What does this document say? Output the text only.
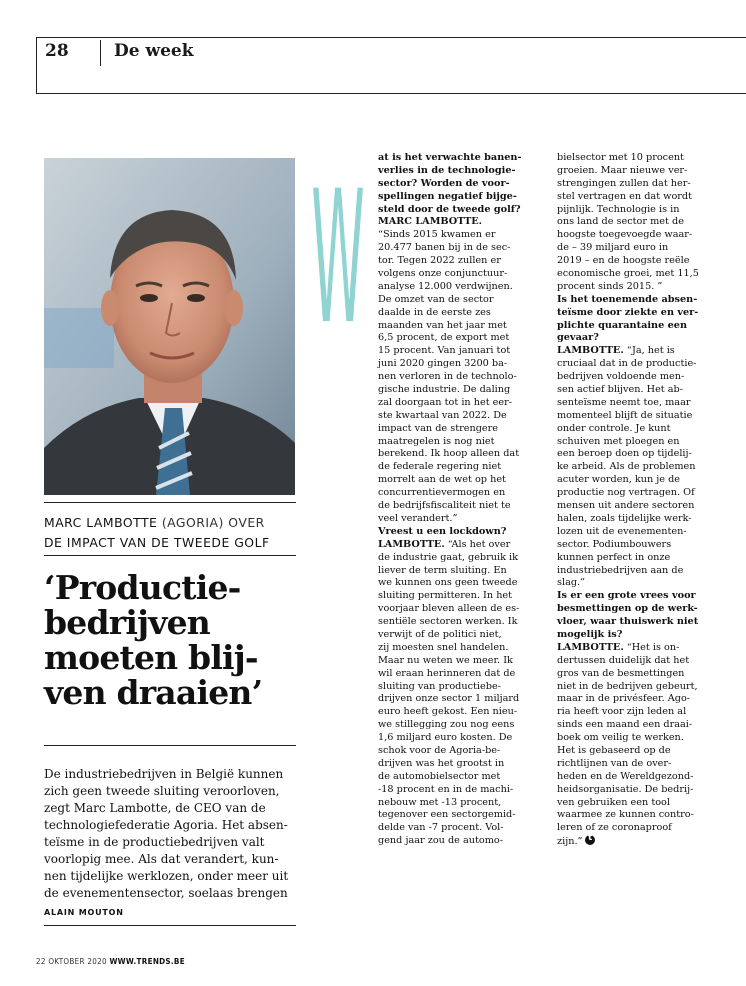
28	De week
MARC LAMBOTTE (AGORIA) OVER
DE IMPACT VAN DE TWEEDE GOLF
‘Productie-
bedrijven
moeten blij-
ven draaien’
De industriebedrijven in België kunnen
zich geen tweede sluiting veroorloven,
zegt Marc Lambotte, de CEO van de
technologiefederatie Agoria. Het absen-
teïsme in de productiebedrijven valt
voorlopig mee. Als dat verandert, kun-
nen tijdelijke werklozen, onder meer uit
de evenementensector, soelaas brengen
ALAIN MOUTON
W at is het verwachte banen-
verlies in de technologie-
sector? Worden de voor-
spellingen negatief bijge-
steld door de tweede golf?
MARC LAMBOTTE.
“Sinds 2015 kwamen er
20.477 banen bij in de sec-
tor. Tegen 2022 zullen er
volgens onze conjunctuur-
analyse 12.000 verdwijnen.
De omzet van de sector
daalde in de eerste zes
maanden van het jaar met
6,5 procent, de export met
15 procent. Van januari tot
juni 2020 gingen 3200 ba-
nen verloren in de technolo-
gische industrie. De daling
zal doorgaan tot in het eer-
ste kwartaal van 2022. De
impact van de strengere
maatregelen is nog niet
berekend. Ik hoop alleen dat
de federale regering niet
morrelt aan de wet op het
concurrentievermogen en
de bedrijfsfiscaliteit niet te
veel verandert.”
Vreest u een lockdown?
LAMBOTTE. “Als het over
de industrie gaat, gebruik ik
liever de term sluiting. En
we kunnen ons geen tweede
sluiting permitteren. In het
voorjaar bleven alleen de es-
sentiële sectoren werken. Ik
verwijt of de politici niet,
zij moesten snel handelen.
Maar nu weten we meer. Ik
wil eraan herinneren dat de
sluiting van productiebe-
drijven onze sector 1 miljard
euro heeft gekost. Een nieu-
we stillegging zou nog eens
1,6 miljard euro kosten. De
schok voor de Agoria-be-
drijven was het grootst in
de automobielsector met
-18 procent en in de machi-
nebouw met -13 procent,
tegenover een sectorgemid-
delde van -7 procent. Vol-
gend jaar zou de automo-
bielsector met 10 procent
groeien. Maar nieuwe ver-
strengingen zullen dat her-
stel vertragen en dat wordt
pijnlijk. Technologie is in
ons land de sector met de
hoogste toegevoegde waar-
de – 39 miljard euro in
2019 – en de hoogste reële
economische groei, met 11,5
procent sinds 2015. ”
Is het toenemende absen-
teïsme door ziekte en ver-
plichte quarantaine een
gevaar?
LAMBOTTE. “Ja, het is
cruciaal dat in de productie-
bedrijven voldoende men-
sen actief blijven. Het ab-
senteïsme neemt toe, maar
momenteel blijft de situatie
onder controle. Je kunt
schuiven met ploegen en
een beroep doen op tijdelij-
ke arbeid. Als de problemen
acuter worden, kun je de
productie nog vertragen. Of
mensen uit andere sectoren
halen, zoals tijdelijke werk-
lozen uit de evenementen-
sector. Podiumbouwers
kunnen perfect in onze
industriebedrijven aan de
slag.”
Is er een grote vrees voor
besmettingen op de werk-
vloer, waar thuiswerk niet
mogelijk is?
LAMBOTTE. “Het is on-
dertussen duidelijk dat het
gros van de besmettingen
niet in de bedrijven gebeurt,
maar in de privésfeer. Ago-
ria heeft voor zijn leden al
sinds een maand een draai-
boek om veilig te werken.
Het is gebaseerd op de
richtlijnen van de over-
heden en de Wereldgezond-
heidsorganisatie. De bedrij-
ven gebruiken een tool
waarmee ze kunnen contro-
leren of ze coronaproof
zijn.”t
22 OKTOBER 2020 WWW.TRENDS.BE
